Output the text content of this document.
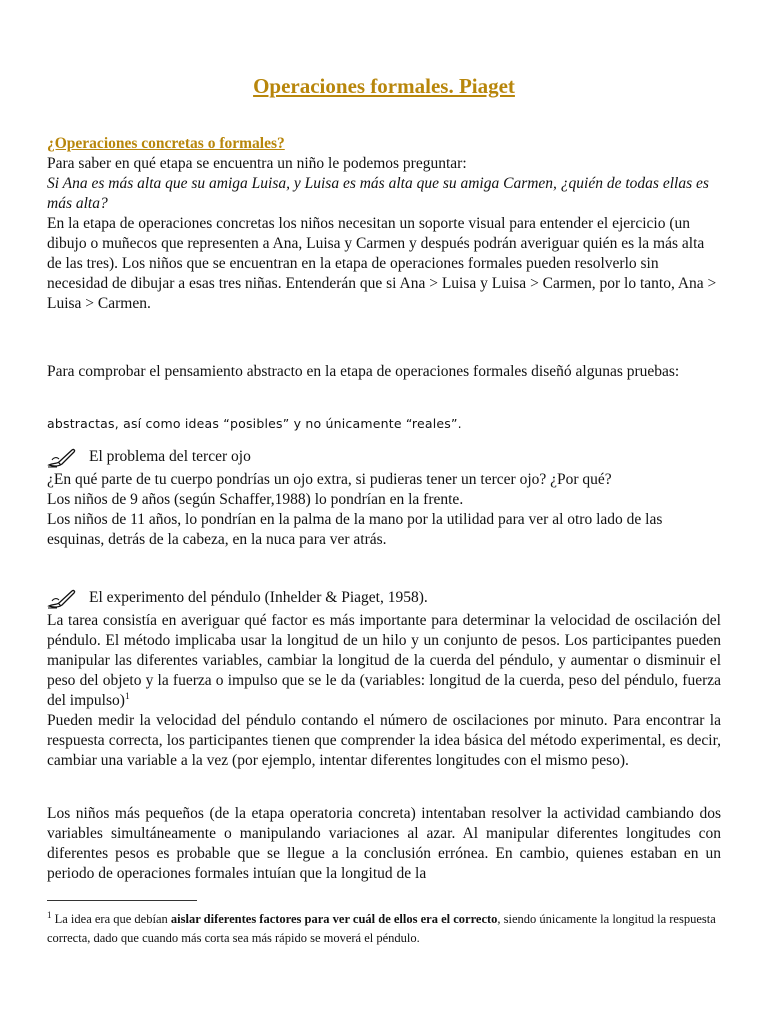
Operaciones formales. Piaget
¿Operaciones concretas o formales?

Para saber en qué etapa se encuentra un niño le podemos preguntar:

Si Ana es más alta que su amiga Luisa, y Luisa es más alta que su amiga Carmen, ¿quién de todas ellas es más alta?

En la etapa de operaciones concretas los niños necesitan un soporte visual para entender el ejercicio (un dibujo o muñecos que representen a Ana, Luisa y Carmen y después podrán averiguar quién es la más alta de las tres). Los niños que se encuentran en la etapa de operaciones formales pueden resolverlo sin necesidad de dibujar a esas tres niñas. Entenderán que si Ana > Luisa y Luisa > Carmen, por lo tanto, Ana > Luisa > Carmen.

Para comprobar el pensamiento abstracto en la etapa de operaciones formales diseñó algunas pruebas:
abstractas, así como ideas “posibles” y no únicamente “reales”.
El problema del tercer ojo

¿En qué parte de tu cuerpo pondrías un ojo extra, si pudieras tener un tercer ojo? ¿Por qué?

Los niños de 9 años (según Schaffer,1988) lo pondrían en la frente.

Los niños de 11 años, lo pondrían en la palma de la mano por la utilidad para ver al otro lado de las esquinas, detrás de la cabeza, en la nuca para ver atrás.

El experimento del péndulo (Inhelder & Piaget, 1958).

La tarea consistía en averiguar qué factor es más importante para determinar la velocidad de oscilación del péndulo. El método implicaba usar la longitud de un hilo y un conjunto de pesos. Los participantes pueden manipular las diferentes variables, cambiar la longitud de la cuerda del péndulo, y aumentar o disminuir el peso del objeto y la fuerza o impulso que se le da (variables: longitud de la cuerda, peso del péndulo, fuerza del impulso)$^1$

Pueden medir la velocidad del péndulo contando el número de oscilaciones por minuto. Para encontrar la respuesta correcta, los participantes tienen que comprender la idea básica del método experimental, es decir, cambiar una variable a la vez (por ejemplo, intentar diferentes longitudes con el mismo peso).

Los niños más pequeños (de la etapa operatoria concreta) intentaban resolver la actividad cambiando dos variables simultáneamente o manipulando variaciones al azar. Al manipular diferentes longitudes con diferentes pesos es probable que se llegue a la conclusión errónea. En cambio, quienes estaban en un periodo de operaciones formales intuían que la longitud de la

$^1$ La idea era que debían aislar diferentes factores para ver cuál de ellos era el correcto, siendo únicamente la longitud la respuesta correcta, dado que cuando más corta sea más rápido se moverá el péndulo.
